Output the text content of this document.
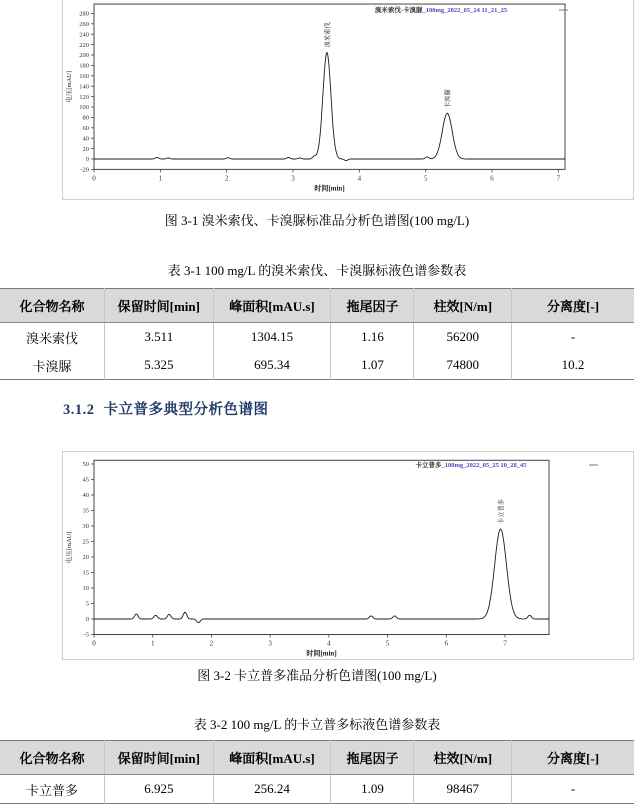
-20
0
20
40
60
80
100
120
140
160
180
200
220
240
260
280
0	1	2	3	4	5	6	7
时间[min]
电压[mAU]
溴米索伐-卡溴脲_100mg_2022_05_24 11_21_25
溴米索伐
卡溴脲
图 3-1 溴米索伐、卡溴脲标准品分析色谱图(100 mg/L)
表 3-1 100 mg/L 的溴米索伐、卡溴脲标液色谱参数表
化合物名称	保留时间[min]	峰面积[mAU.s]	拖尾因子	柱效[N/m]	分离度[-]
溴米索伐	3.511	1304.15	1.16	56200	-
卡溴脲	5.325	695.34	1.07	74800	10.2
3.1.2 卡立普多典型分析色谱图
-5
0
5
10
15
20
25
30
35
40
45
50
0	1	2	3	4	5	6	7
时间[min]
电压[mAU]
卡立普多_100mg_2022_05_25 10_28_45
卡立普多
图 3-2 卡立普多准品分析色谱图(100 mg/L)
表 3-2 100 mg/L 的卡立普多标液色谱参数表
化合物名称	保留时间[min]	峰面积[mAU.s]	拖尾因子	柱效[N/m]	分离度[-]
卡立普多	6.925	256.24	1.09	98467	-
